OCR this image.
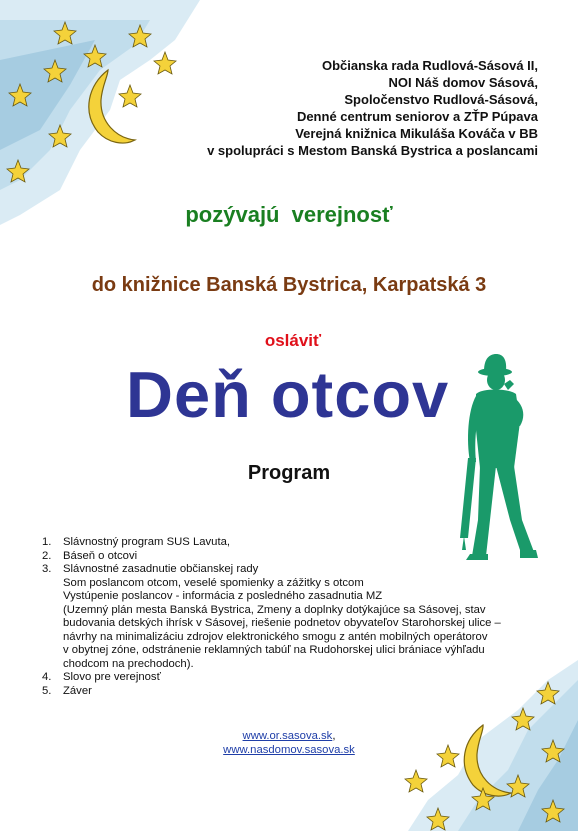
Občianska rada Rudlová-Sásová II,
NOI Náš domov Sásová,
Spoločenstvo Rudlová-Sásová,
Denné centrum seniorov a ZŤP Púpava
Verejná knižnica Mikuláša Kováča v BB
v spolupráci s Mestom Banská Bystrica a poslancami
pozývajú verejnosť
do knižnice Banská Bystrica, Karpatská 3
osláviť
Deň otcov
Program
1.	Slávnostný program SUS Lavuta,
2.	Báseň o otcovi
3.	Slávnostné zasadnutie občianskej rady
Som poslancom otcom, veselé spomienky a zážitky s otcom
Vystúpenie poslancov - informácia z posledného zasadnutia MZ
(Uzemný plán mesta Banská Bystrica, Zmeny a doplnky dotýkajúce sa Sásovej, stav
budovania detských ihrísk v Sásovej, riešenie podnetov obyvateľov Starohorskej ulice –
návrhy na minimalizáciu zdrojov elektronického smogu z antén mobilných operátorov
v obytnej zóne, odstránenie reklamných tabúľ na Rudohorskej ulici brániace výhľadu
chodcom na prechodoch).
4.	Slovo pre verejnosť
5.	Záver
www.or.sasova.sk,
www.nasdomov.sasova.sk
